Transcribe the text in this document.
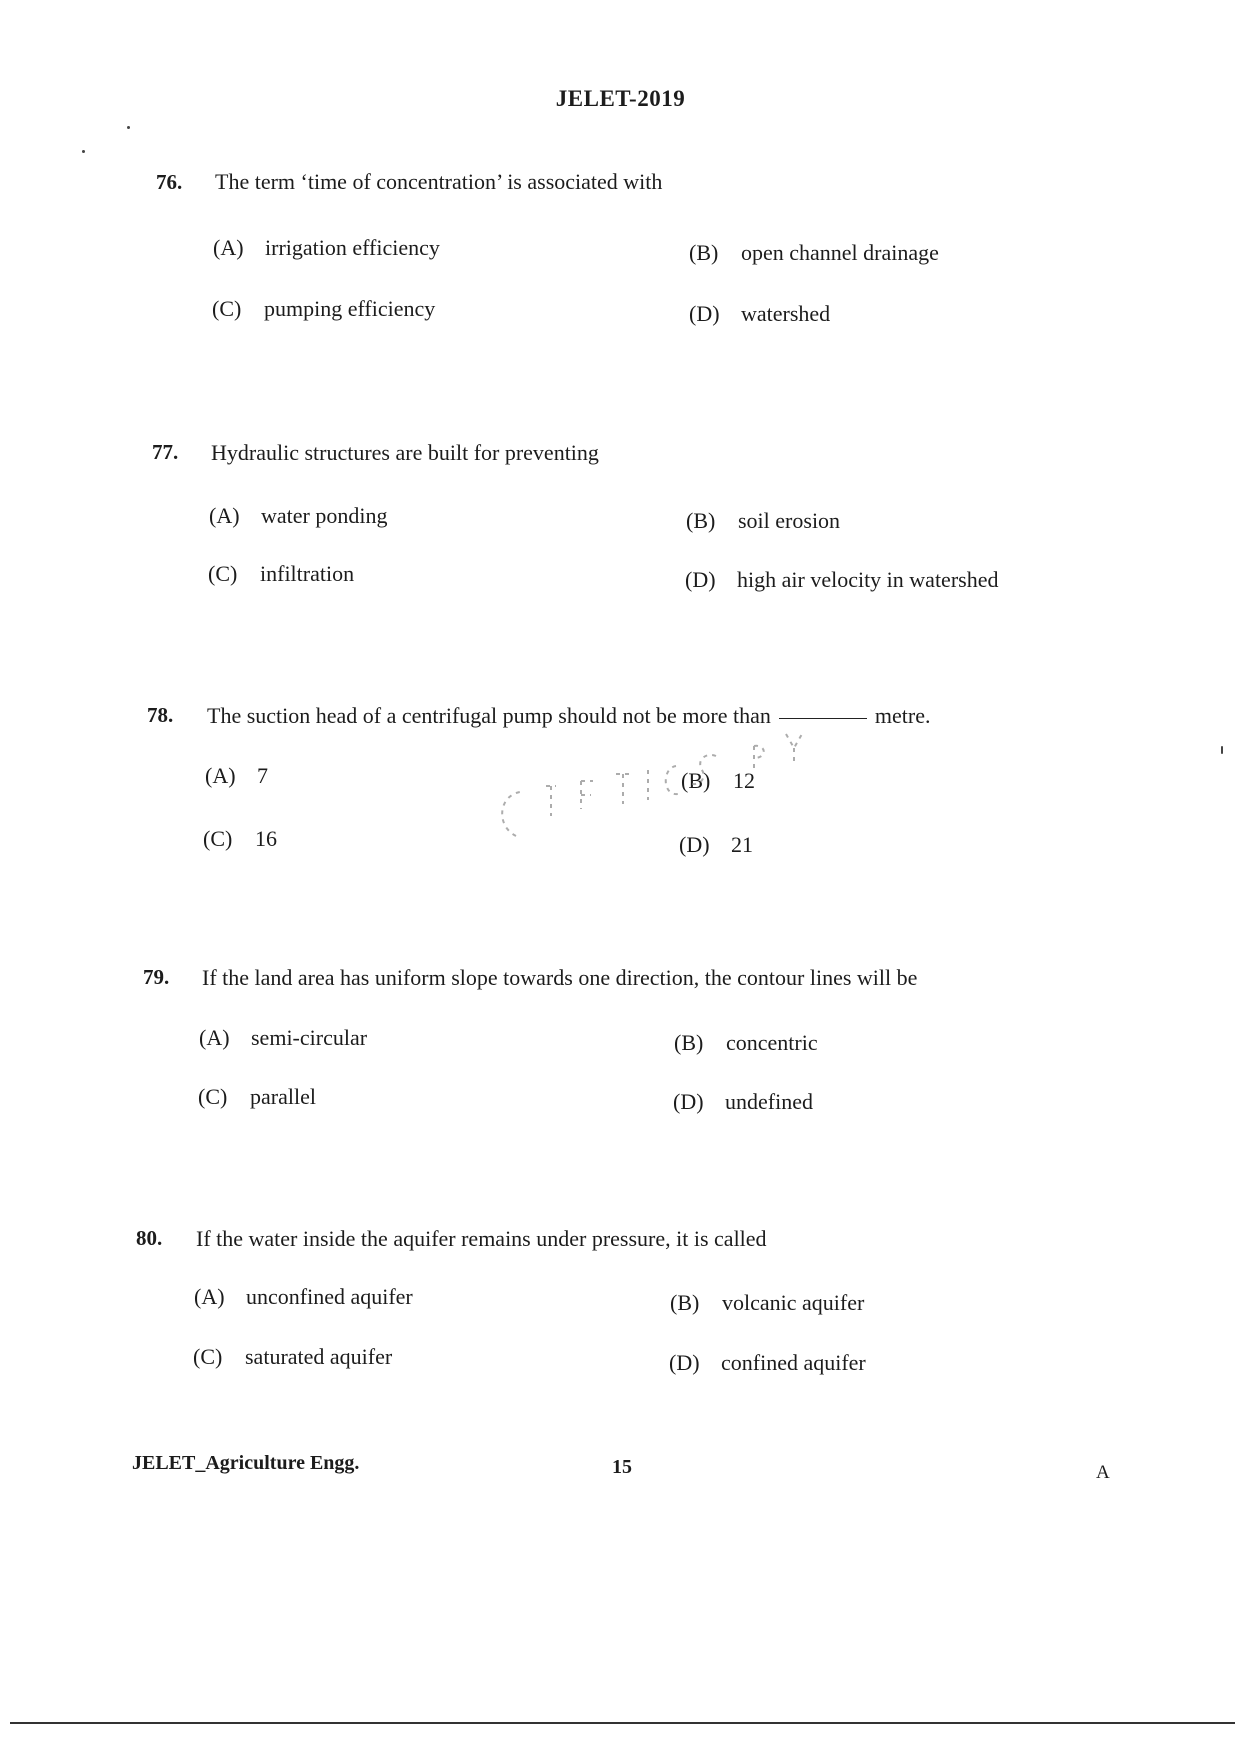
JELET-2019
76. The term ‘time of concentration’ is associated with
(A) irrigation efficiency	(B) open channel drainage
(C) pumping efficiency	(D) watershed
77. Hydraulic structures are built for preventing
(A) water ponding	(B) soil erosion
(C) infiltration	(D) high air velocity in watershed
78. The suction head of a centrifugal pump should not be more than	metre.
(A) 7	(B) 12
(C) 16	(D) 21
79. If the land area has uniform slope towards one direction, the contour lines will be
(A) semi-circular	(B) concentric
(C) parallel	(D) undefined
80. If the water inside the aquifer remains under pressure, it is called
(A) unconfined aquifer	(B) volcanic aquifer
(C) saturated aquifer	(D) confined aquifer
JELET_Agriculture Engg.	15	A
